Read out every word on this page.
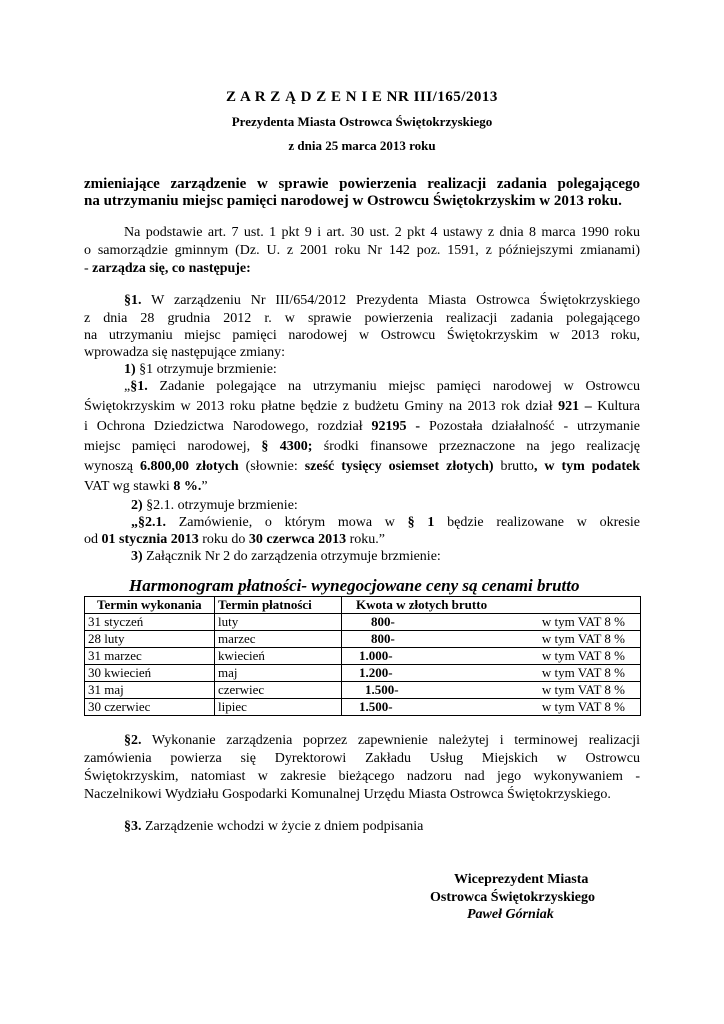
Z A R Z Ą D Z E N I E NR III/165/2013
Prezydenta Miasta Ostrowca Świętokrzyskiego
z dnia 25 marca 2013 roku
zmieniające zarządzenie w sprawie powierzenia realizacji zadania polegającego
na utrzymaniu miejsc pamięci narodowej w Ostrowcu Świętokrzyskim w 2013 roku.
Na podstawie art. 7 ust. 1 pkt 9 i art. 30 ust. 2 pkt 4 ustawy z dnia 8 marca 1990 roku
o samorządzie gminnym (Dz. U. z 2001 roku Nr 142 poz. 1591, z późniejszymi zmianami)
- zarządza się, co następuje:
§1. W zarządzeniu Nr III/654/2012 Prezydenta Miasta Ostrowca Świętokrzyskiego
z dnia 28 grudnia 2012 r. w sprawie powierzenia realizacji zadania polegającego
na utrzymaniu miejsc pamięci narodowej w Ostrowcu Świętokrzyskim w 2013 roku,
wprowadza się następujące zmiany:
1) §1 otrzymuje brzmienie:
„§1. Zadanie polegające na utrzymaniu miejsc pamięci narodowej w Ostrowcu
Świętokrzyskim w 2013 roku płatne będzie z budżetu Gminy na 2013 rok dział 921 – Kultura
i Ochrona Dziedzictwa Narodowego, rozdział 92195 - Pozostała działalność - utrzymanie
miejsc pamięci narodowej, § 4300; środki finansowe przeznaczone na jego realizację
wynoszą 6.800,00 złotych (słownie: sześć tysięcy osiemset złotych) brutto, w tym podatek
VAT wg stawki 8 %.”
2) §2.1. otrzymuje brzmienie:
„§2.1. Zamówienie, o którym mowa w § 1 będzie realizowane w okresie
od 01 stycznia 2013 roku do 30 czerwca 2013 roku.”
3) Załącznik Nr 2 do zarządzenia otrzymuje brzmienie:
Harmonogram płatności- wynegocjowane ceny są cenami brutto
Termin wykonania	Termin płatności	Kwota w złotych brutto
31 styczeń	luty	800- w tym VAT 8 %

28 luty	marzec	800- w tym VAT 8 %

31 marzec	kwiecień	1.000- w tym VAT 8 %

30 kwiecień	maj	1.200- w tym VAT 8 %

31 maj	czerwiec	1.500- w tym VAT 8 %

30 czerwiec	lipiec	1.500- w tym VAT 8 %
§2. Wykonanie zarządzenia poprzez zapewnienie należytej i terminowej realizacji
zamówienia powierza się Dyrektorowi Zakładu Usług Miejskich w Ostrowcu
Świętokrzyskim, natomiast w zakresie bieżącego nadzoru nad jego wykonywaniem -
Naczelnikowi Wydziału Gospodarki Komunalnej Urzędu Miasta Ostrowca Świętokrzyskiego.
§3. Zarządzenie wchodzi w życie z dniem podpisania
Wiceprezydent Miasta
Ostrowca Świętokrzyskiego
Paweł Górniak
